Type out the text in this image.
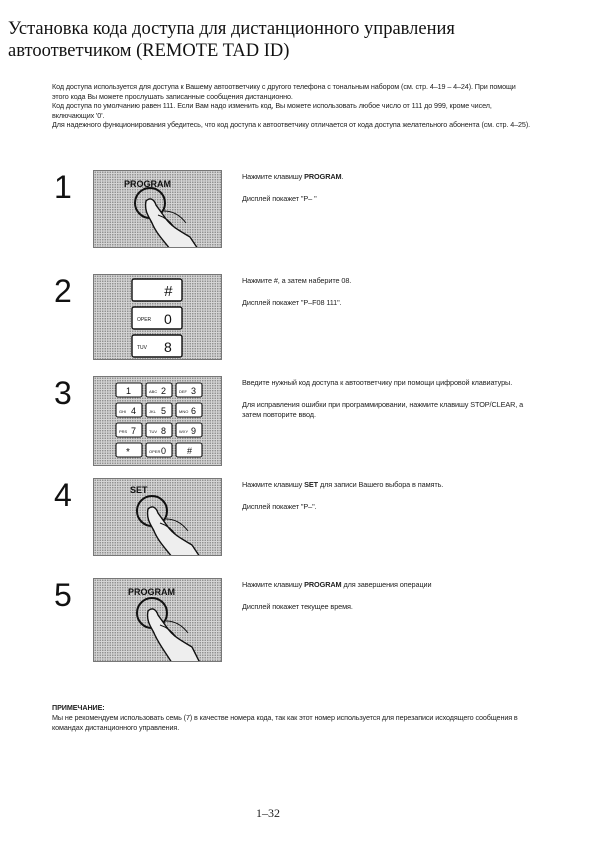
Установка кода доступа для дистанционного управления автоответчиком (REMOTE TAD ID)

Код доступа используется для доступа к Вашему автоответчику с другого телефона с тональным набором (см. стр. 4–19 – 4–24). При помощи этого кода Вы можете прослушать записанные сообщения дистанционно.

Код доступа по умолчанию равен 111. Если Вам надо изменить код, Вы можете использовать любое число от 111 до 999, кроме чисел, включающих '0'.

Для надежного функционирования убедитесь, что код доступа к автоответчику отличается от кода доступа желательного абонента (см. стр. 4–25).

1	PROGRAM

Нажмите клавишу PROGRAM.

Дисплей покажет "P– "

2	#
OPER 0
TUV 8

Нажмите #, а затем наберите 08.

Дисплей покажет "P–F08 111".

3	1	ABC 2	DEF 3
GHI 4	JKL 5	MNO 6
PRS 7	TUV 8	WXY 9
*	OPER 0 #

Введите нужный код доступа к автоответчику при помощи цифровой клавиатуры.

Для исправления ошибки при программировании, нажмите клавишу STOP/CLEAR, а затем повторите ввод.

4	SET

Нажмите клавишу SET для записи Вашего выбора в память.

Дисплей покажет "P–".

5	PROGRAM

Нажмите клавишу PROGRAM для завершения операции

Дисплей покажет текущее время.

ПРИМЕЧАНИЕ:
Мы не рекомендуем использовать семь (7) в качестве номера кода, так как этот номер используется для перезаписи исходящего сообщения в командах дистанционного управления.
1–32
